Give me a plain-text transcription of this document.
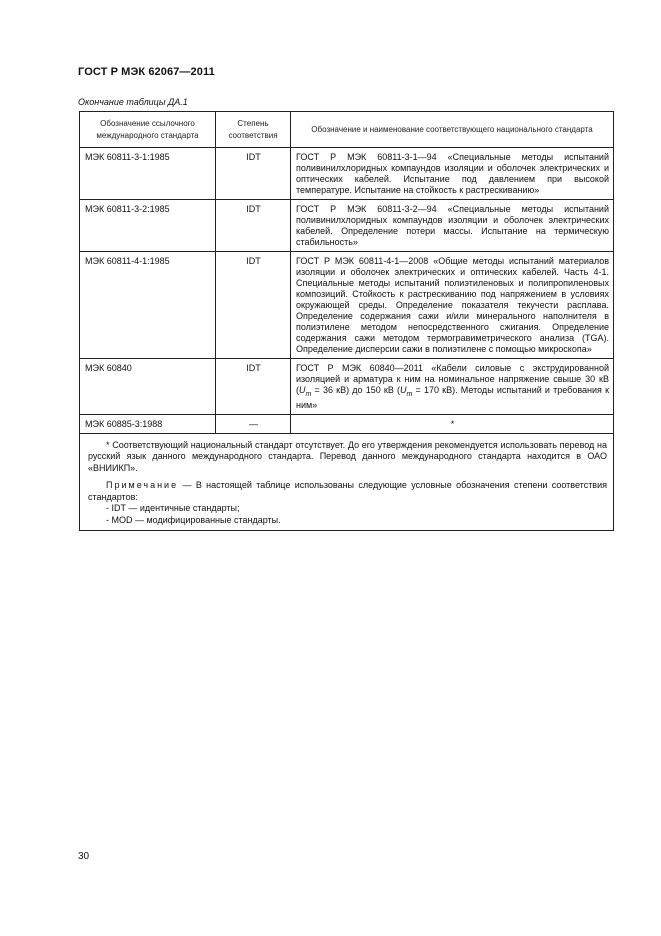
ГОСТ Р МЭК 62067—2011
Окончание таблицы ДА.1
Обозначение ссылочного международного стандарта	Степень соответствия	Обозначение и наименование соответствующего национального стандарта
МЭК 60811-3-1:1985	IDT	ГОСТ Р МЭК 60811-3-1—94 «Специальные методы испытаний поливинилхлоридных компаундов изоляции и оболочек электрических и оптических кабелей. Испытание под давлением при высокой температуре. Испытание на стойкость к растрескиванию»
МЭК 60811-3-2:1985	IDT	ГОСТ Р МЭК 60811-3-2—94 «Специальные методы испытаний поливинилхлоридных компаундов изоляции и оболочек электрических кабелей. Определение потери массы. Испытание на термическую стабильность»
МЭК 60811-4-1:1985	IDT	ГОСТ Р МЭК 60811-4-1—2008 «Общие методы испытаний материалов изоляции и оболочек электрических и оптических кабелей. Часть 4-1. Специальные методы испытаний полиэтиленовых и полипропиленовых композиций. Стойкость к растрескиванию под напряжением в условиях окружающей среды. Определение показателя текучести расплава. Определение содержания сажи и/или минерального наполнителя в полиэтилене методом непосредственного сжигания. Определение содержания сажи методом термогравиметрического анализа (TGA). Определение дисперсии сажи в полиэтилене с помощью микроскопа»
МЭК 60840	IDT	ГОСТ Р МЭК 60840—2011 «Кабели силовые с экструдированной изоляцией и арматура к ним на номинальное напряжение свыше 30 кВ ($U_m = 36$ кВ) до 150 кВ ($U_m = 170$ кВ). Методы испытаний и требования к ним»
МЭК 60885-3:1988	—	*

* Соответствующий национальный стандарт отсутствует. До его утверждения рекомендуется использовать перевод на русский язык данного международного стандарта. Перевод данного международного стандарта находится в ОАО «ВНИИКП».

Примечание — В настоящей таблице использованы следующие условные обозначения степени соответствия стандартов:

- IDT — идентичные стандарты;

- MOD — модифицированные стандарты.		

30
